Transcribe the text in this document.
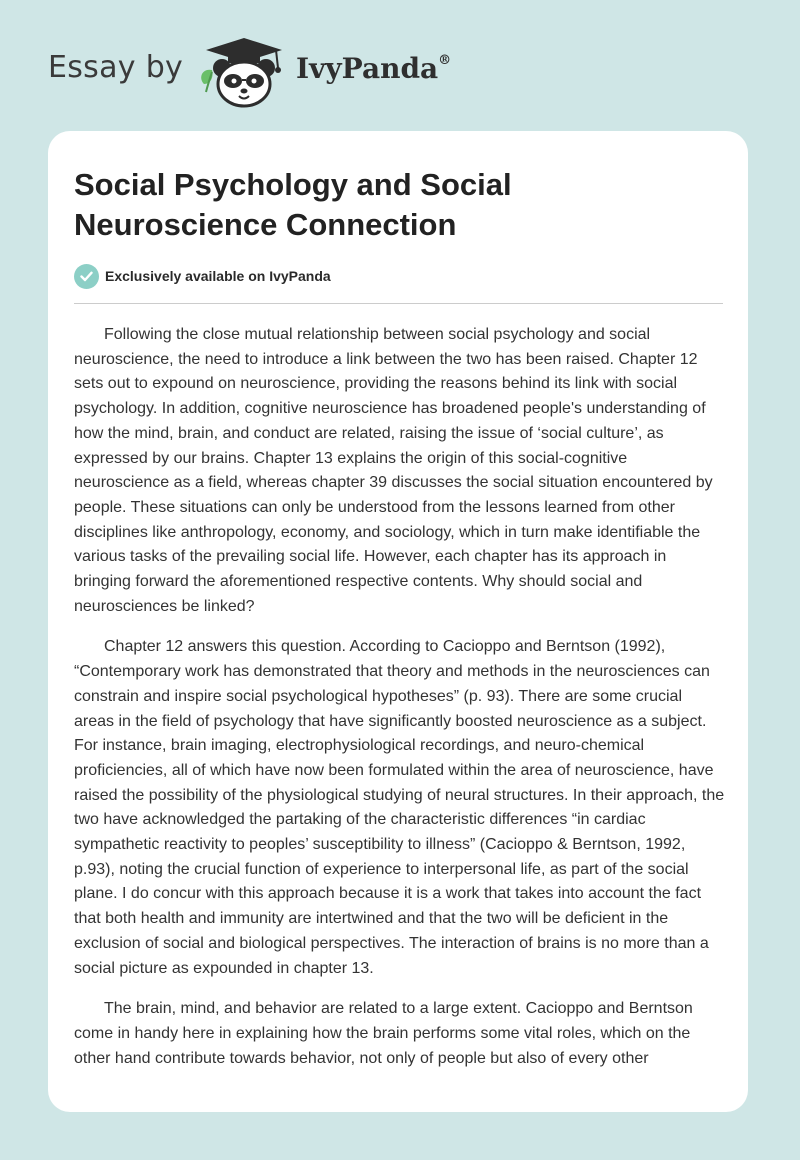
Essay by	IvyPanda®
Social Psychology and Social Neuroscience Connection
Exclusively available on IvyPanda

Following the close mutual relationship between social psychology and social neuroscience, the need to introduce a link between the two has been raised. Chapter 12 sets out to expound on neuroscience, providing the reasons behind its link with social psychology. In addition, cognitive neuroscience has broadened people's understanding of how the mind, brain, and conduct are related, raising the issue of ‘social culture’, as expressed by our brains. Chapter 13 explains the origin of this social-cognitive neuroscience as a field, whereas chapter 39 discusses the social situation encountered by people. These situations can only be understood from the lessons learned from other disciplines like anthropology, economy, and sociology, which in turn make identifiable the various tasks of the prevailing social life. However, each chapter has its approach in bringing forward the aforementioned respective contents. Why should social and neurosciences be linked?

Chapter 12 answers this question. According to Cacioppo and Berntson (1992), “Contemporary work has demonstrated that theory and methods in the neurosciences can constrain and inspire social psychological hypotheses” (p. 93). There are some crucial areas in the field of psychology that have significantly boosted neuroscience as a subject. For instance, brain imaging, electrophysiological recordings, and neuro-chemical proficiencies, all of which have now been formulated within the area of neuroscience, have raised the possibility of the physiological studying of neural structures. In their approach, the two have acknowledged the partaking of the characteristic differences “in cardiac sympathetic reactivity to peoples’ susceptibility to illness” (Cacioppo & Berntson, 1992, p.93), noting the crucial function of experience to interpersonal life, as part of the social plane. I do concur with this approach because it is a work that takes into account the fact that both health and immunity are intertwined and that the two will be deficient in the exclusion of social and biological perspectives. The interaction of brains is no more than a social picture as expounded in chapter 13.

The brain, mind, and behavior are related to a large extent. Cacioppo and Berntson come in handy here in explaining how the brain performs some vital roles, which on the other hand contribute towards behavior, not only of people but also of every other
